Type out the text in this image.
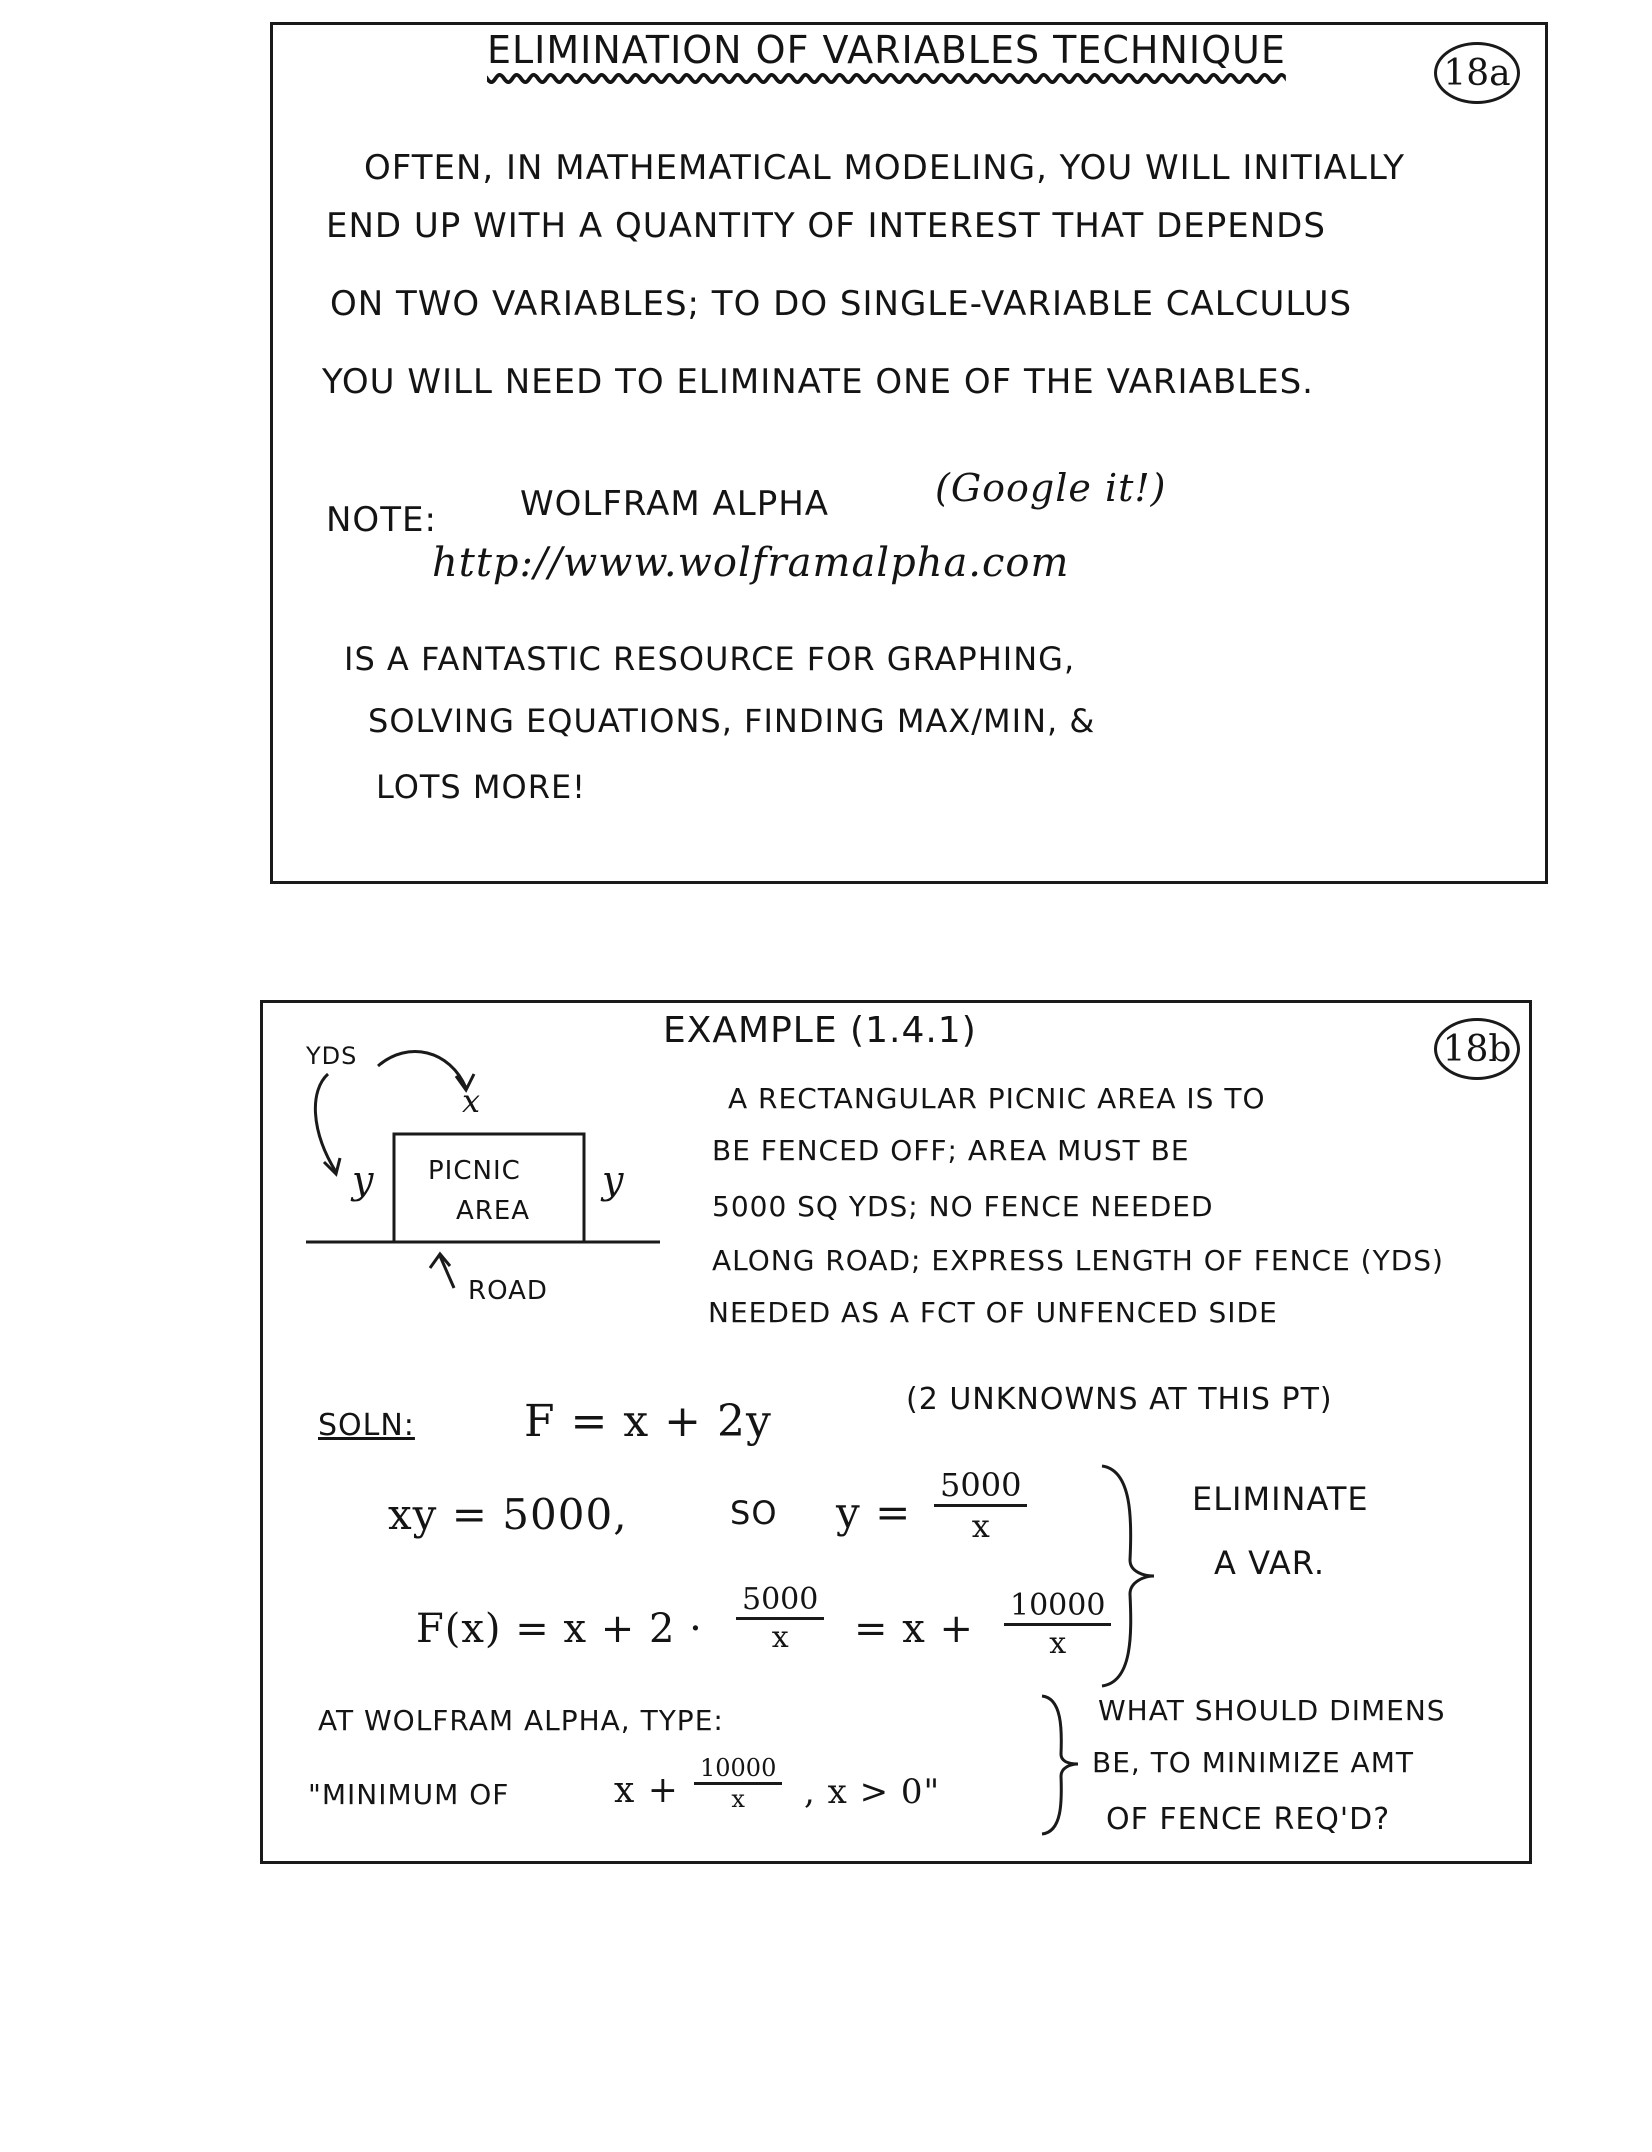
ELIMINATION OF VARIABLES TECHNIQUE
18a
OFTEN, IN MATHEMATICAL MODELING, YOU WILL INITIALLY
END UP WITH A QUANTITY OF INTEREST THAT DEPENDS
ON TWO VARIABLES; TO DO SINGLE-VARIABLE CALCULUS
YOU WILL NEED TO ELIMINATE ONE OF THE VARIABLES.
NOTE: WOLFRAM ALPHA	(Google it!)
http://www.wolframalpha.com
IS A FANTASTIC RESOURCE FOR GRAPHING,
SOLVING EQUATIONS, FINDING MAX/MIN, &
LOTS MORE!
EXAMPLE (1.4.1)	18b
YDS
x
y	y
PICNIC
AREA
ROAD
A RECTANGULAR PICNIC AREA IS TO
BE FENCED OFF; AREA MUST BE
5000 SQ YDS; NO FENCE NEEDED
ALONG ROAD; EXPRESS LENGTH OF FENCE (YDS)
NEEDED AS A FCT OF UNFENCED SIDE
SOLN: F = x + 2y	(2 UNKNOWNS AT THIS PT)
xy = 5000,	SO $y = \frac{5000}{x}$
$F(x) = x + 2 \cdot \frac{5000}{x} = x + \frac{10000}{x}$
ELIMINATE
A VAR.
AT WOLFRAM ALPHA, TYPE:
"MINIMUM OF	$x + \frac{10000}{x}$ , x > 0"
WHAT SHOULD DIMENS
BE, TO MINIMIZE AMT
OF FENCE REQ'D?
